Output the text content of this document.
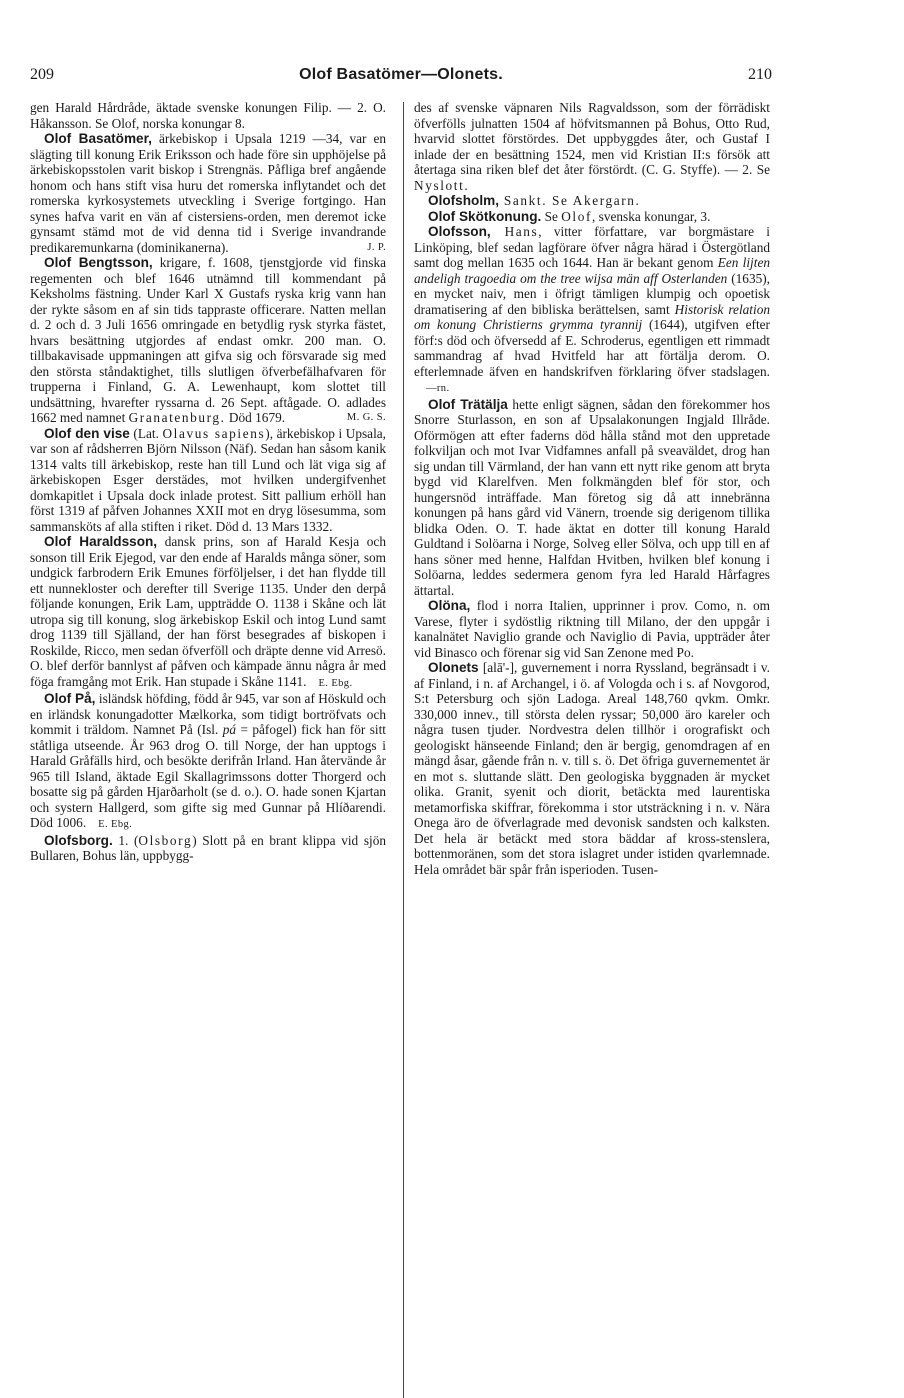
209	Olof Basatömer—Olonets.	210

gen Harald Hårdråde, äktade svenske konungen Filip. — 2. O. Håkansson. Se Olof, norska konungar 8.

Olof Basatömer, ärkebiskop i Upsala 1219 —34, var en slägting till konung Erik Eriksson och hade före sin upphöjelse på ärkebiskopsstolen varit biskop i Strengnäs. Påfliga bref angående honom och hans stift visa huru det romerska inflytandet och det romerska kyrkosystemets utveckling i Sverige fortgingo. Han synes hafva varit en vän af cistersiens-orden, men deremot icke gynsamt stämd mot de vid denna tid i Sverige invandrande predikaremunkarna (dominikanerna).	J. P.

Olof Bengtsson, krigare, f. 1608, tjenstgjorde vid finska regementen och blef 1646 utnämnd till kommendant på Keksholms fästning. Under Karl X Gustafs ryska krig vann han der rykte såsom en af sin tids tappraste officerare. Natten mellan d. 2 och d. 3 Juli 1656 omringade en betydlig rysk styrka fästet, hvars besättning utgjordes af endast omkr. 200 man. O. tillbakavisade uppmaningen att gifva sig och försvarade sig med den största ståndaktighet, tills slutligen öfverbefälhafvaren för trupperna i Finland, G. A. Lewenhaupt, kom slottet till undsättning, hvarefter ryssarna d. 26 Sept. aftågade. O. adlades 1662 med namnet Granatenburg. Död 1679.	M. G. S.

Olof den vise (Lat. Olavus sapiens), ärkebiskop i Upsala, var son af rådsherren Björn Nilsson (Näf). Sedan han såsom kanik 1314 valts till ärkebiskop, reste han till Lund och lät viga sig af ärkebiskopen Esger derstädes, mot hvilken undergifvenhet domkapitlet i Upsala dock inlade protest. Sitt pallium erhöll han först 1319 af påfven Johannes XXII mot en dryg lösesumma, som sammansköts af alla stiften i riket. Död d. 13 Mars 1332.

Olof Haraldsson, dansk prins, son af Harald Kesja och sonson till Erik Ejegod, var den ende af Haralds många söner, som undgick farbrodern Erik Emunes förföljelser, i det han flydde till ett nunnekloster och derefter till Sverige 1135. Under den derpå följande konungen, Erik Lam, uppträdde O. 1138 i Skåne och lät utropa sig till konung, slog ärkebiskop Eskil och intog Lund samt drog 1139 till Själland, der han först besegrades af biskopen i Roskilde, Ricco, men sedan öfverföll och dräpte denne vid Arresö. O. blef derför bannlyst af påfven och kämpade ännu några år med föga framgång mot Erik. Han stupade i Skåne 1141. E. Ebg.

Olof På, isländsk höfding, född år 945, var son af Höskuld och en irländsk konungadotter Mælkorka, som tidigt bortröfvats och kommit i träldom. Namnet På (Isl. pá = påfogel) fick han för sitt ståtliga utseende. År 963 drog O. till Norge, der han upptogs i Harald Gråfälls hird, och besökte derifrån Irland. Han återvände år 965 till Island, äktade Egil Skallagrimssons dotter Thorgerd och bosatte sig på gården Hjarðarholt (se d. o.). O. hade sonen Kjartan och systern Hallgerd, som gifte sig med Gunnar på Hlíðarendi. Död 1006. E. Ebg.

Olofsborg. 1. (Olsborg) Slott på en brant klippa vid sjön Bullaren, Bohus län, uppbygg-

des af svenske väpnaren Nils Ragvaldsson, som der förrädiskt öfverfölls julnatten 1504 af höfvitsmannen på Bohus, Otto Rud, hvarvid slottet förstördes. Det uppbyggdes åter, och Gustaf I inlade der en besättning 1524, men vid Kristian II:s försök att återtaga sina riken blef det åter förstördt. (C. G. Styffe). — 2. Se Nyslott.

Olofsholm, Sankt. Se Akergarn.

Olof Skötkonung. Se Olof, svenska konungar, 3.

Olofsson, Hans, vitter författare, var borgmästare i Linköping, blef sedan lagförare öfver några härad i Östergötland samt dog mellan 1635 och 1644. Han är bekant genom Een lijten andeligh tragoedia om the tree wijsa män aff Osterlanden (1635), en mycket naiv, men i öfrigt tämligen klumpig och opoetisk dramatisering af den bibliska berättelsen, samt Historisk relation om konung Christierns grymma tyrannij (1644), utgifven efter förf:s död och öfversedd af E. Schroderus, egentligen ett rimmadt sammandrag af hvad Hvitfeld har att förtälja derom. O. efterlemnade äfven en handskrifven förklaring öfver stadslagen.—rn.

Olof Trätälja hette enligt sägnen, sådan den förekommer hos Snorre Sturlasson, en son af Upsalakonungen Ingjald Illråde. Oförmögen att efter faderns död hålla stånd mot den uppretade folkviljan och mot Ivar Vidfamnes anfall på sveaväldet, drog han sig undan till Värmland, der han vann ett nytt rike genom att bryta bygd vid Klarelfven. Men folkmängden blef för stor, och hungersnöd inträffade. Man företog sig då att innebränna konungen på hans gård vid Vänern, troende sig derigenom tillika blidka Oden. O. T. hade äktat en dotter till konung Harald Guldtand i Solöarna i Norge, Solveg eller Sölva, och upp till en af hans söner med henne, Halfdan Hvitben, hvilken blef konung i Solöarna, leddes sedermera genom fyra led Harald Hårfagres ättartal.

Olöna, flod i norra Italien, upprinner i prov. Como, n. om Varese, flyter i sydöstlig riktning till Milano, der den uppgår i kanalnätet Naviglio grande och Naviglio di Pavia, uppträder åter vid Binasco och förenar sig vid San Zenone med Po.

Olonets [alā'-], guvernement i norra Ryssland, begränsadt i v. af Finland, i n. af Archangel, i ö. af Vologda och i s. af Novgorod, S:t Petersburg och sjön Ladoga. Areal 148,760 qvkm. Omkr. 330,000 innev., till största delen ryssar; 50,000 äro kareler och några tusen tjuder. Nordvestra delen tillhör i orografiskt och geologiskt hänseende Finland; den är bergig, genomdragen af en mängd åsar, gående från n. v. till s. ö. Det öfriga guvernementet är en mot s. sluttande slätt. Den geologiska byggnaden är mycket olika. Granit, syenit och diorit, betäckta med laurentiska metamorfiska skiffrar, förekomma i stor utsträckning i n. v. Nära Onega äro de öfverlagrade med devonisk sandsten och kalksten. Det hela är betäckt med stora bäddar af kross-stenslera, bottenmoränen, som det stora islagret under istiden qvarlemnade. Hela området bär spår från isperioden. Tusen-
